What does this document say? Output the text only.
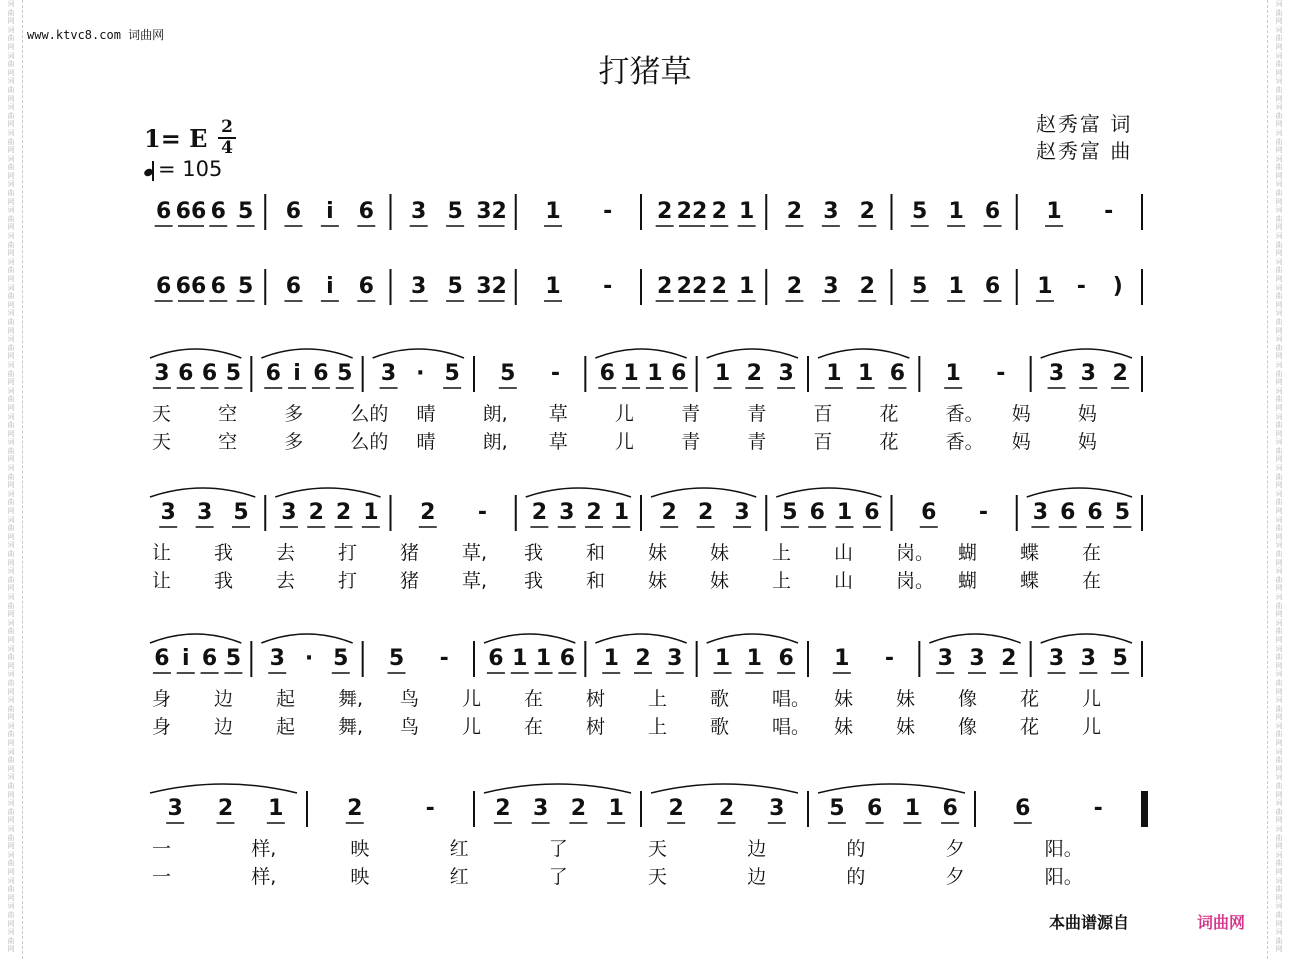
词
曲
网
词
曲
网
词
曲
网
词
曲
网
词
曲
网
词
曲
网
词
曲
网
词
曲
网
词
曲
网
词
曲
网
词
曲
网
词
曲
网
词
曲
网
词
曲
网
词
曲
网
词
曲
网
词
曲
网
词
曲
网
词
曲
网
词
曲
网
词
曲
网
词
曲
网
词
曲
网
词
曲
网
词
曲
网
词
曲
网
词
曲
网
词
曲
网
词
曲
网
词
曲
网
词
曲
网
词
曲
网
词
曲
网
词
曲
网
词
曲
网
词
曲
网
词
曲
网
词
曲
网
词
曲
网
词
曲
网
词
曲
网
词
曲
网
词
曲
网
词
曲
网
词
曲
网
词
曲
网
词
曲
网
词
曲
网
词
曲
网
词
曲
网
词
曲
网
词
曲
网
词
曲
网
词
曲
网
词
曲
网
词
曲
网
词
曲
网
词
曲
网
词
曲
网
词
曲
网
词
曲
网
词
曲
网
词
曲
网
词
曲
网
词
曲
网
词
曲
网
词
曲
网
词
曲
网
词
曲
网
词
曲
网
词
曲
网
词
曲
网
词
曲
网
词
曲
网
www.ktvc8.com 词曲网
打猪草
1= E 2
4
= 105
赵秀富 词
赵秀富 曲
6 66 6 5 6 i 6 3 5 32 1 - 2 22 2 1 2 3 2 5 1 6 1 -
6 66 6 5 6 i 6 3 5 32 1 - 2 22 2 1 2 3 2 5 1 6 1 - )
3 6 6 5 6 i 6 5 3 · 5 5 - 6 1 1 6 1 2 3 1 1 6 1 - 3 3 2
天 空 多 么的 晴 朗, 草 儿 青 青 百 花 香。 妈 妈
天 空 多 么的 晴 朗, 草 儿 青 青 百 花 香。 妈 妈
3 3 5 3 2 2 1 2 - 2 3 2 1 2 2 3 5 6 1 6 6 - 3 6 6 5
让 我 去 打 猪 草, 我 和 妹 妹 上 山 岗。 蝴 蝶 在
让 我 去 打 猪 草, 我 和 妹 妹 上 山 岗。 蝴 蝶 在
6 i 6 5 3 · 5 5 - 6 1 1 6 1 2 3 1 1 6 1 - 3 3 2 3 3 5
身 边 起 舞, 鸟 儿 在 树 上 歌 唱。 妹 妹 像 花 儿
身 边 起 舞, 鸟 儿 在 树 上 歌 唱。 妹 妹 像 花 儿
3 2 1	2	-	2 3 2 1 2 2 3 5 6 1 6	6	-
一	样,	映	红	了	天	边	的	夕	阳。
一	样,	映	红	了	天	边	的	夕	阳。
本曲谱源自	词曲网
